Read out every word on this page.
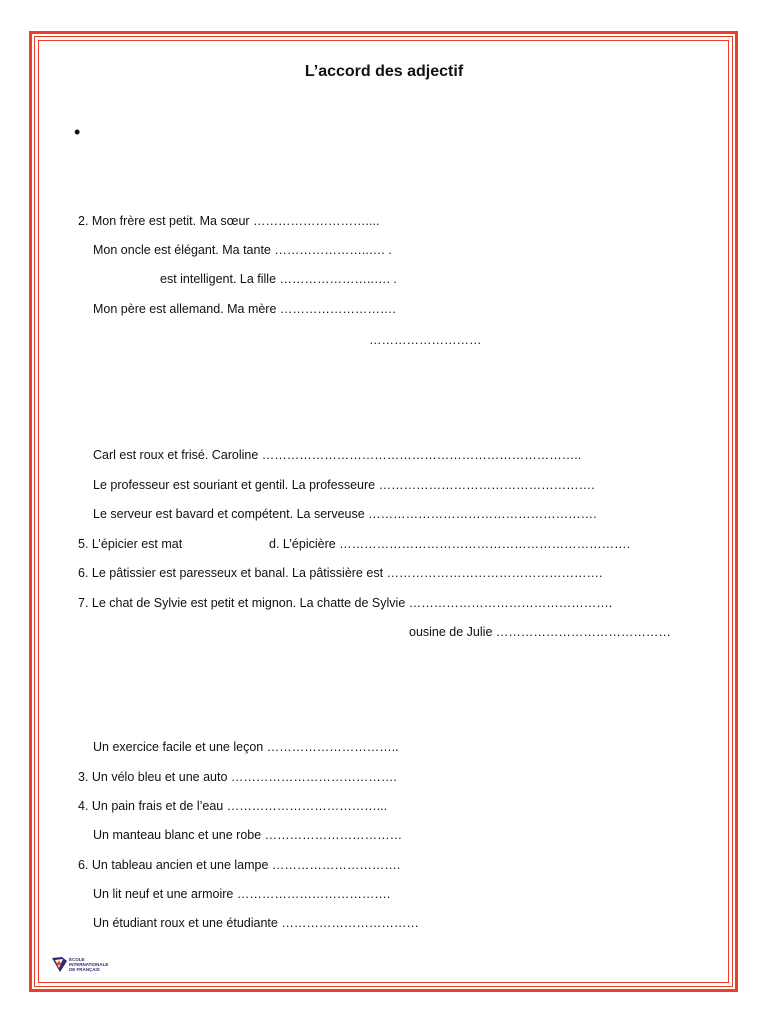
L’accord des adjectif
•
2. Mon frère est petit. Ma sœur ………………………....
Mon oncle est élégant. Ma tante …………………..…. .
est intelligent. La fille …………………..…. .
Mon père est allemand. Ma mère ……………………….
………………………
Carl est roux et frisé. Caroline …………………………………………………………………..
Le professeur est souriant et gentil. La professeure …………………………………………….
Le serveur est bavard et compétent. La serveuse ……………………………………………….
5. L’épicier est mat	d. L’épicière …………………………………………………………….
6. Le pâtissier est paresseux et banal. La pâtissière est …………………………………………….
7. Le chat de Sylvie est petit et mignon. La chatte de Sylvie ………………………………………….
ousine de Julie ……………………………………
Un exercice facile et une leçon …………………………..
3. Un vélo bleu et une auto ………………………………….
4. Un pain frais et de l’eau ………………………………...
Un manteau blanc et une robe ……………………………
6. Un tableau ancien et une lampe ………………………….
Un lit neuf et une armoire ……………………………….
Un étudiant roux et une étudiante ……………………………
ÉCOLE
INTERNATIONALE
DE FRANÇAIS
